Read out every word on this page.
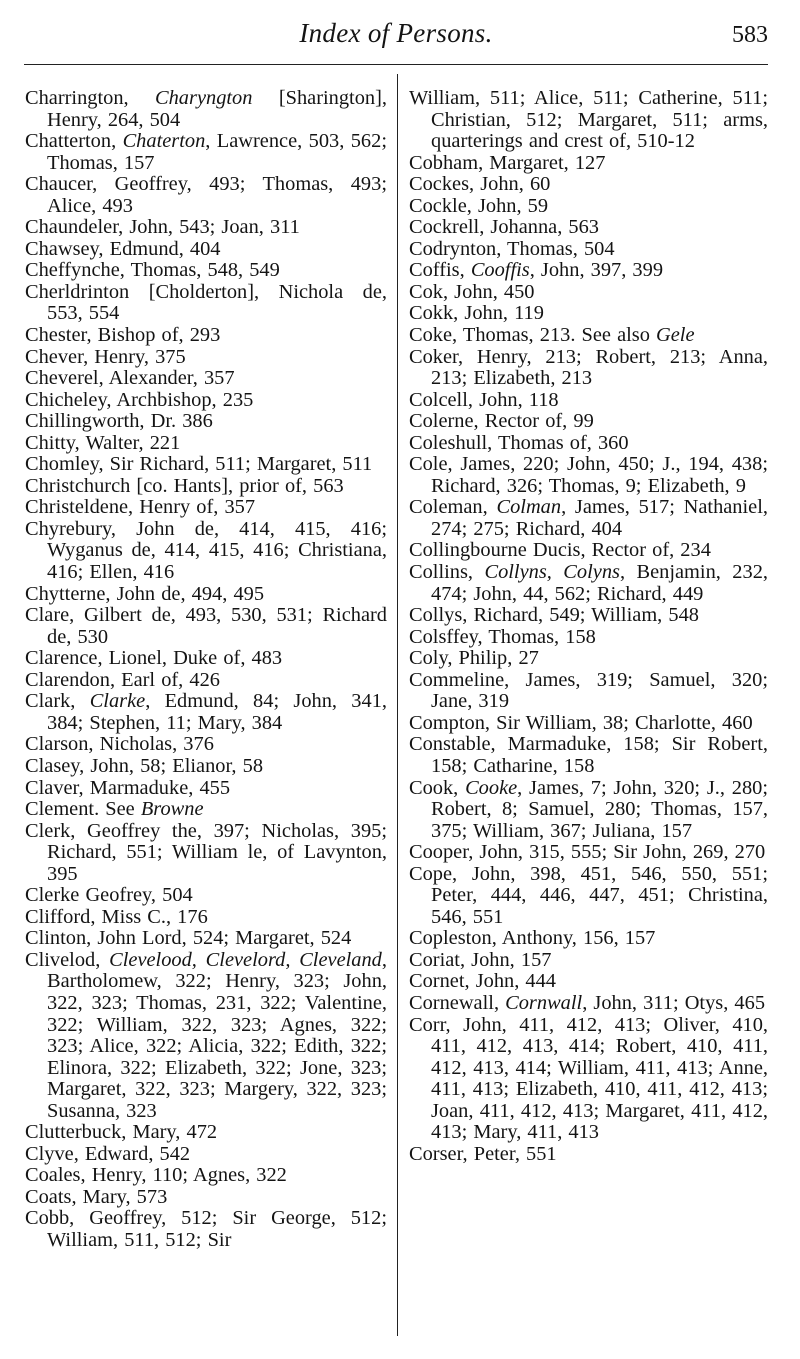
Index of Persons.	583

Charrington, Charyngton [Sharington], Henry, 264, 504

Chatterton, Chaterton, Lawrence, 503, 562; Thomas, 157

Chaucer, Geoffrey, 493; Thomas, 493; Alice, 493

Chaundeler, John, 543; Joan, 311

Chawsey, Edmund, 404

Cheffynche, Thomas, 548, 549

Cherldrinton [Cholderton], Nichola de, 553, 554

Chester, Bishop of, 293

Chever, Henry, 375

Cheverel, Alexander, 357

Chicheley, Archbishop, 235

Chillingworth, Dr. 386

Chitty, Walter, 221

Chomley, Sir Richard, 511; Margaret, 511

Christchurch [co. Hants], prior of, 563

Christeldene, Henry of, 357

Chyrebury, John de, 414, 415, 416; Wyganus de, 414, 415, 416; Christiana, 416; Ellen, 416

Chytterne, John de, 494, 495

Clare, Gilbert de, 493, 530, 531; Richard de, 530

Clarence, Lionel, Duke of, 483

Clarendon, Earl of, 426

Clark, Clarke, Edmund, 84; John, 341, 384; Stephen, 11; Mary, 384

Clarson, Nicholas, 376

Clasey, John, 58; Elianor, 58

Claver, Marmaduke, 455

Clement. See Browne

Clerk, Geoffrey the, 397; Nicholas, 395; Richard, 551; William le, of Lavynton, 395

Clerke Geofrey, 504

Clifford, Miss C., 176

Clinton, John Lord, 524; Margaret, 524

Clivelod, Clevelood, Clevelord, Cleveland, Bartholomew, 322; Henry, 323; John, 322, 323; Thomas, 231, 322; Valentine, 322; William, 322, 323; Agnes, 322; 323; Alice, 322; Alicia, 322; Edith, 322; Elinora, 322; Elizabeth, 322; Jone, 323; Margaret, 322, 323; Margery, 322, 323; Susanna, 323

Clutterbuck, Mary, 472

Clyve, Edward, 542

Coales, Henry, 110; Agnes, 322

Coats, Mary, 573

Cobb, Geoffrey, 512; Sir George, 512; William, 511, 512; Sir

William, 511; Alice, 511; Catherine, 511; Christian, 512; Margaret, 511; arms, quarterings and crest of, 510-12

Cobham, Margaret, 127

Cockes, John, 60

Cockle, John, 59

Cockrell, Johanna, 563

Codrynton, Thomas, 504

Coffis, Cooffis, John, 397, 399

Cok, John, 450

Cokk, John, 119

Coke, Thomas, 213. See also Gele

Coker, Henry, 213; Robert, 213; Anna, 213; Elizabeth, 213

Colcell, John, 118

Colerne, Rector of, 99

Coleshull, Thomas of, 360

Cole, James, 220; John, 450; J., 194, 438; Richard, 326; Thomas, 9; Elizabeth, 9

Coleman, Colman, James, 517; Nathaniel, 274; 275; Richard, 404

Collingbourne Ducis, Rector of, 234

Collins, Collyns, Colyns, Benjamin, 232, 474; John, 44, 562; Richard, 449

Collys, Richard, 549; William, 548

Colsffey, Thomas, 158

Coly, Philip, 27

Commeline, James, 319; Samuel, 320; Jane, 319

Compton, Sir William, 38; Charlotte, 460

Constable, Marmaduke, 158; Sir Robert, 158; Catharine, 158

Cook, Cooke, James, 7; John, 320; J., 280; Robert, 8; Samuel, 280; Thomas, 157, 375; William, 367; Juliana, 157

Cooper, John, 315, 555; Sir John, 269, 270

Cope, John, 398, 451, 546, 550, 551; Peter, 444, 446, 447, 451; Christina, 546, 551

Copleston, Anthony, 156, 157

Coriat, John, 157

Cornet, John, 444

Cornewall, Cornwall, John, 311; Otys, 465

Corr, John, 411, 412, 413; Oliver, 410, 411, 412, 413, 414; Robert, 410, 411, 412, 413, 414; William, 411, 413; Anne, 411, 413; Elizabeth, 410, 411, 412, 413; Joan, 411, 412, 413; Margaret, 411, 412, 413; Mary, 411, 413

Corser, Peter, 551
